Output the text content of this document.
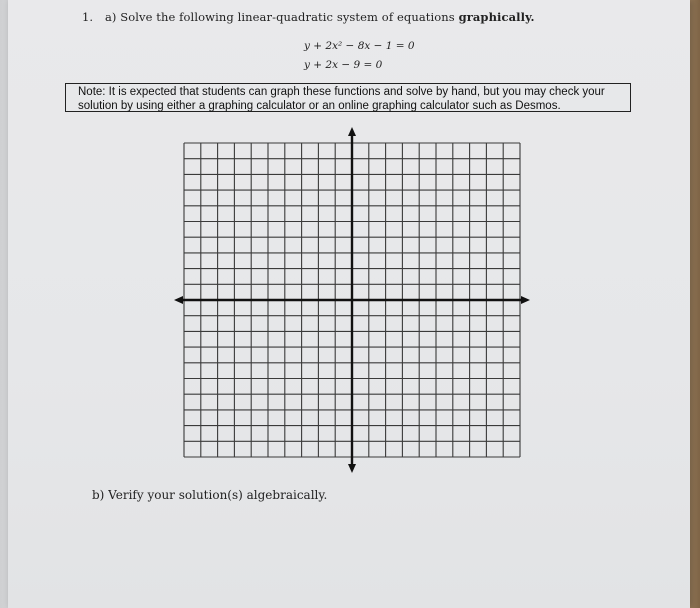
1. a) Solve the following linear-quadratic system of equations graphically.
y + 2x² − 8x − 1 = 0
y + 2x − 9 = 0
Note: It is expected that students can graph these functions and solve by hand, but you may check your solution by using either a graphing calculator or an online graphing calculator such as Desmos.
b) Verify your solution(s) algebraically.
